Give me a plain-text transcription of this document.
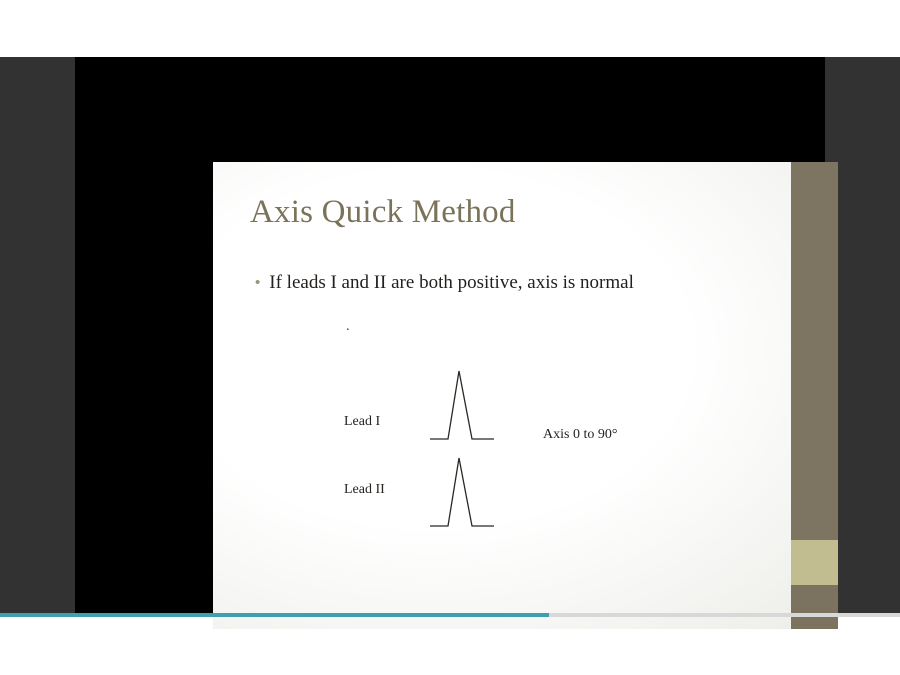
Axis Quick Method
• If leads I and II are both positive, axis is normal
.
Lead I
Lead II
Axis 0 to 90°
